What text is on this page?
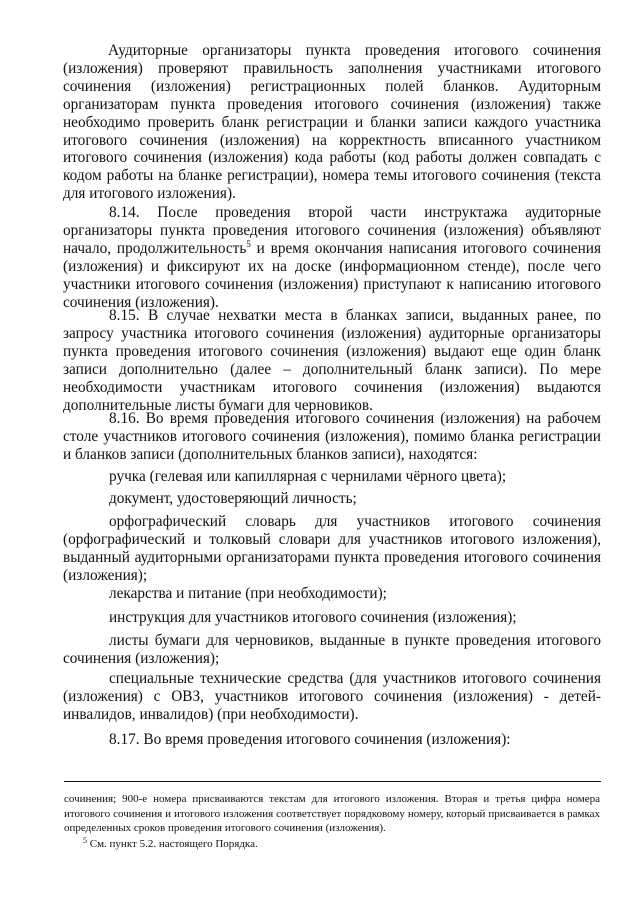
Аудиторные организаторы пункта проведения итогового сочинения (изложения) проверяют правильность заполнения участниками итогового сочинения (изложения) регистрационных полей бланков. Аудиторным организаторам пункта проведения итогового сочинения (изложения) также необходимо проверить бланк регистрации и бланки записи каждого участника итогового сочинения (изложения) на корректность вписанного участником итогового сочинения (изложения) кода работы (код работы должен совпадать с кодом работы на бланке регистрации), номера темы итогового сочинения (текста для итогового изложения).

8.14. После проведения второй части инструктажа аудиторные организаторы пункта проведения итогового сочинения (изложения) объявляют начало, продолжительность$^5$ и время окончания написания итогового сочинения (изложения) и фиксируют их на доске (информационном стенде), после чего участники итогового сочинения (изложения) приступают к написанию итогового сочинения (изложения).

8.15. В случае нехватки места в бланках записи, выданных ранее, по запросу участника итогового сочинения (изложения) аудиторные организаторы пункта проведения итогового сочинения (изложения) выдают еще один бланк записи дополнительно (далее – дополнительный бланк записи). По мере необходимости участникам итогового сочинения (изложения) выдаются дополнительные листы бумаги для черновиков.

8.16. Во время проведения итогового сочинения (изложения) на рабочем столе участников итогового сочинения (изложения), помимо бланка регистрации и бланков записи (дополнительных бланков записи), находятся:

ручка (гелевая или капиллярная с чернилами чёрного цвета);

документ, удостоверяющий личность;

орфографический словарь для участников итогового сочинения (орфографический и толковый словари для участников итогового изложения), выданный аудиторными организаторами пункта проведения итогового сочинения (изложения);

лекарства и питание (при необходимости);

инструкция для участников итогового сочинения (изложения);

листы бумаги для черновиков, выданные в пункте проведения итогового сочинения (изложения);

специальные технические средства (для участников итогового сочинения (изложения) с ОВЗ, участников итогового сочинения (изложения) - детей-инвалидов, инвалидов) (при необходимости).

8.17. Во время проведения итогового сочинения (изложения):

сочинения; 900-е номера присваиваются текстам для итогового изложения. Вторая и третья цифра номера итогового сочинения и итогового изложения соответствует порядковому номеру, который присваивается в рамках определенных сроков проведения итогового сочинения (изложения).

$^5$ См. пункт 5.2. настоящего Порядка.
